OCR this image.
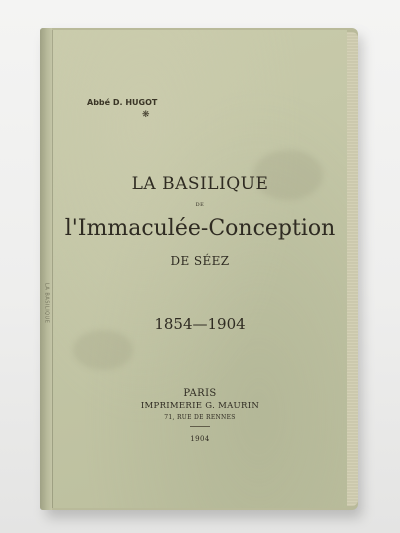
LA BASILIQUE
Abbé D. HUGOT
❋
LA BASILIQUE
DE
l'Immaculée-Conception
DE SÉEZ
1854—1904
PARIS
IMPRIMERIE G. MAURIN
71, RUE DE RENNES
1904
